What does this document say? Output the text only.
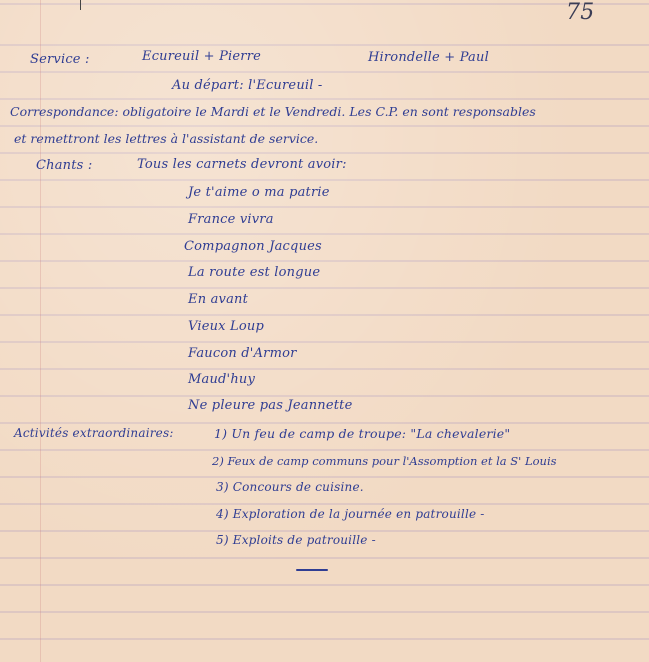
75
Service :	Ecureuil + Pierre	Hirondelle + Paul
Au départ: l'Ecureuil -
Correspondance: obligatoire le Mardi et le Vendredi. Les C.P. en sont responsables
et remettront les lettres à l'assistant de service.
Chants :	Tous les carnets devront avoir:
Je t'aime o ma patrie
France vivra
Compagnon Jacques
La route est longue
En avant
Vieux Loup
Faucon d'Armor
Maud'huy
Ne pleure pas Jeannette
Activités extraordinaires:	1) Un feu de camp de troupe: "La chevalerie"
2) Feux de camp communs pour l'Assomption et la S' Louis
3) Concours de cuisine.
4) Exploration de la journée en patrouille -
5) Exploits de patrouille -
